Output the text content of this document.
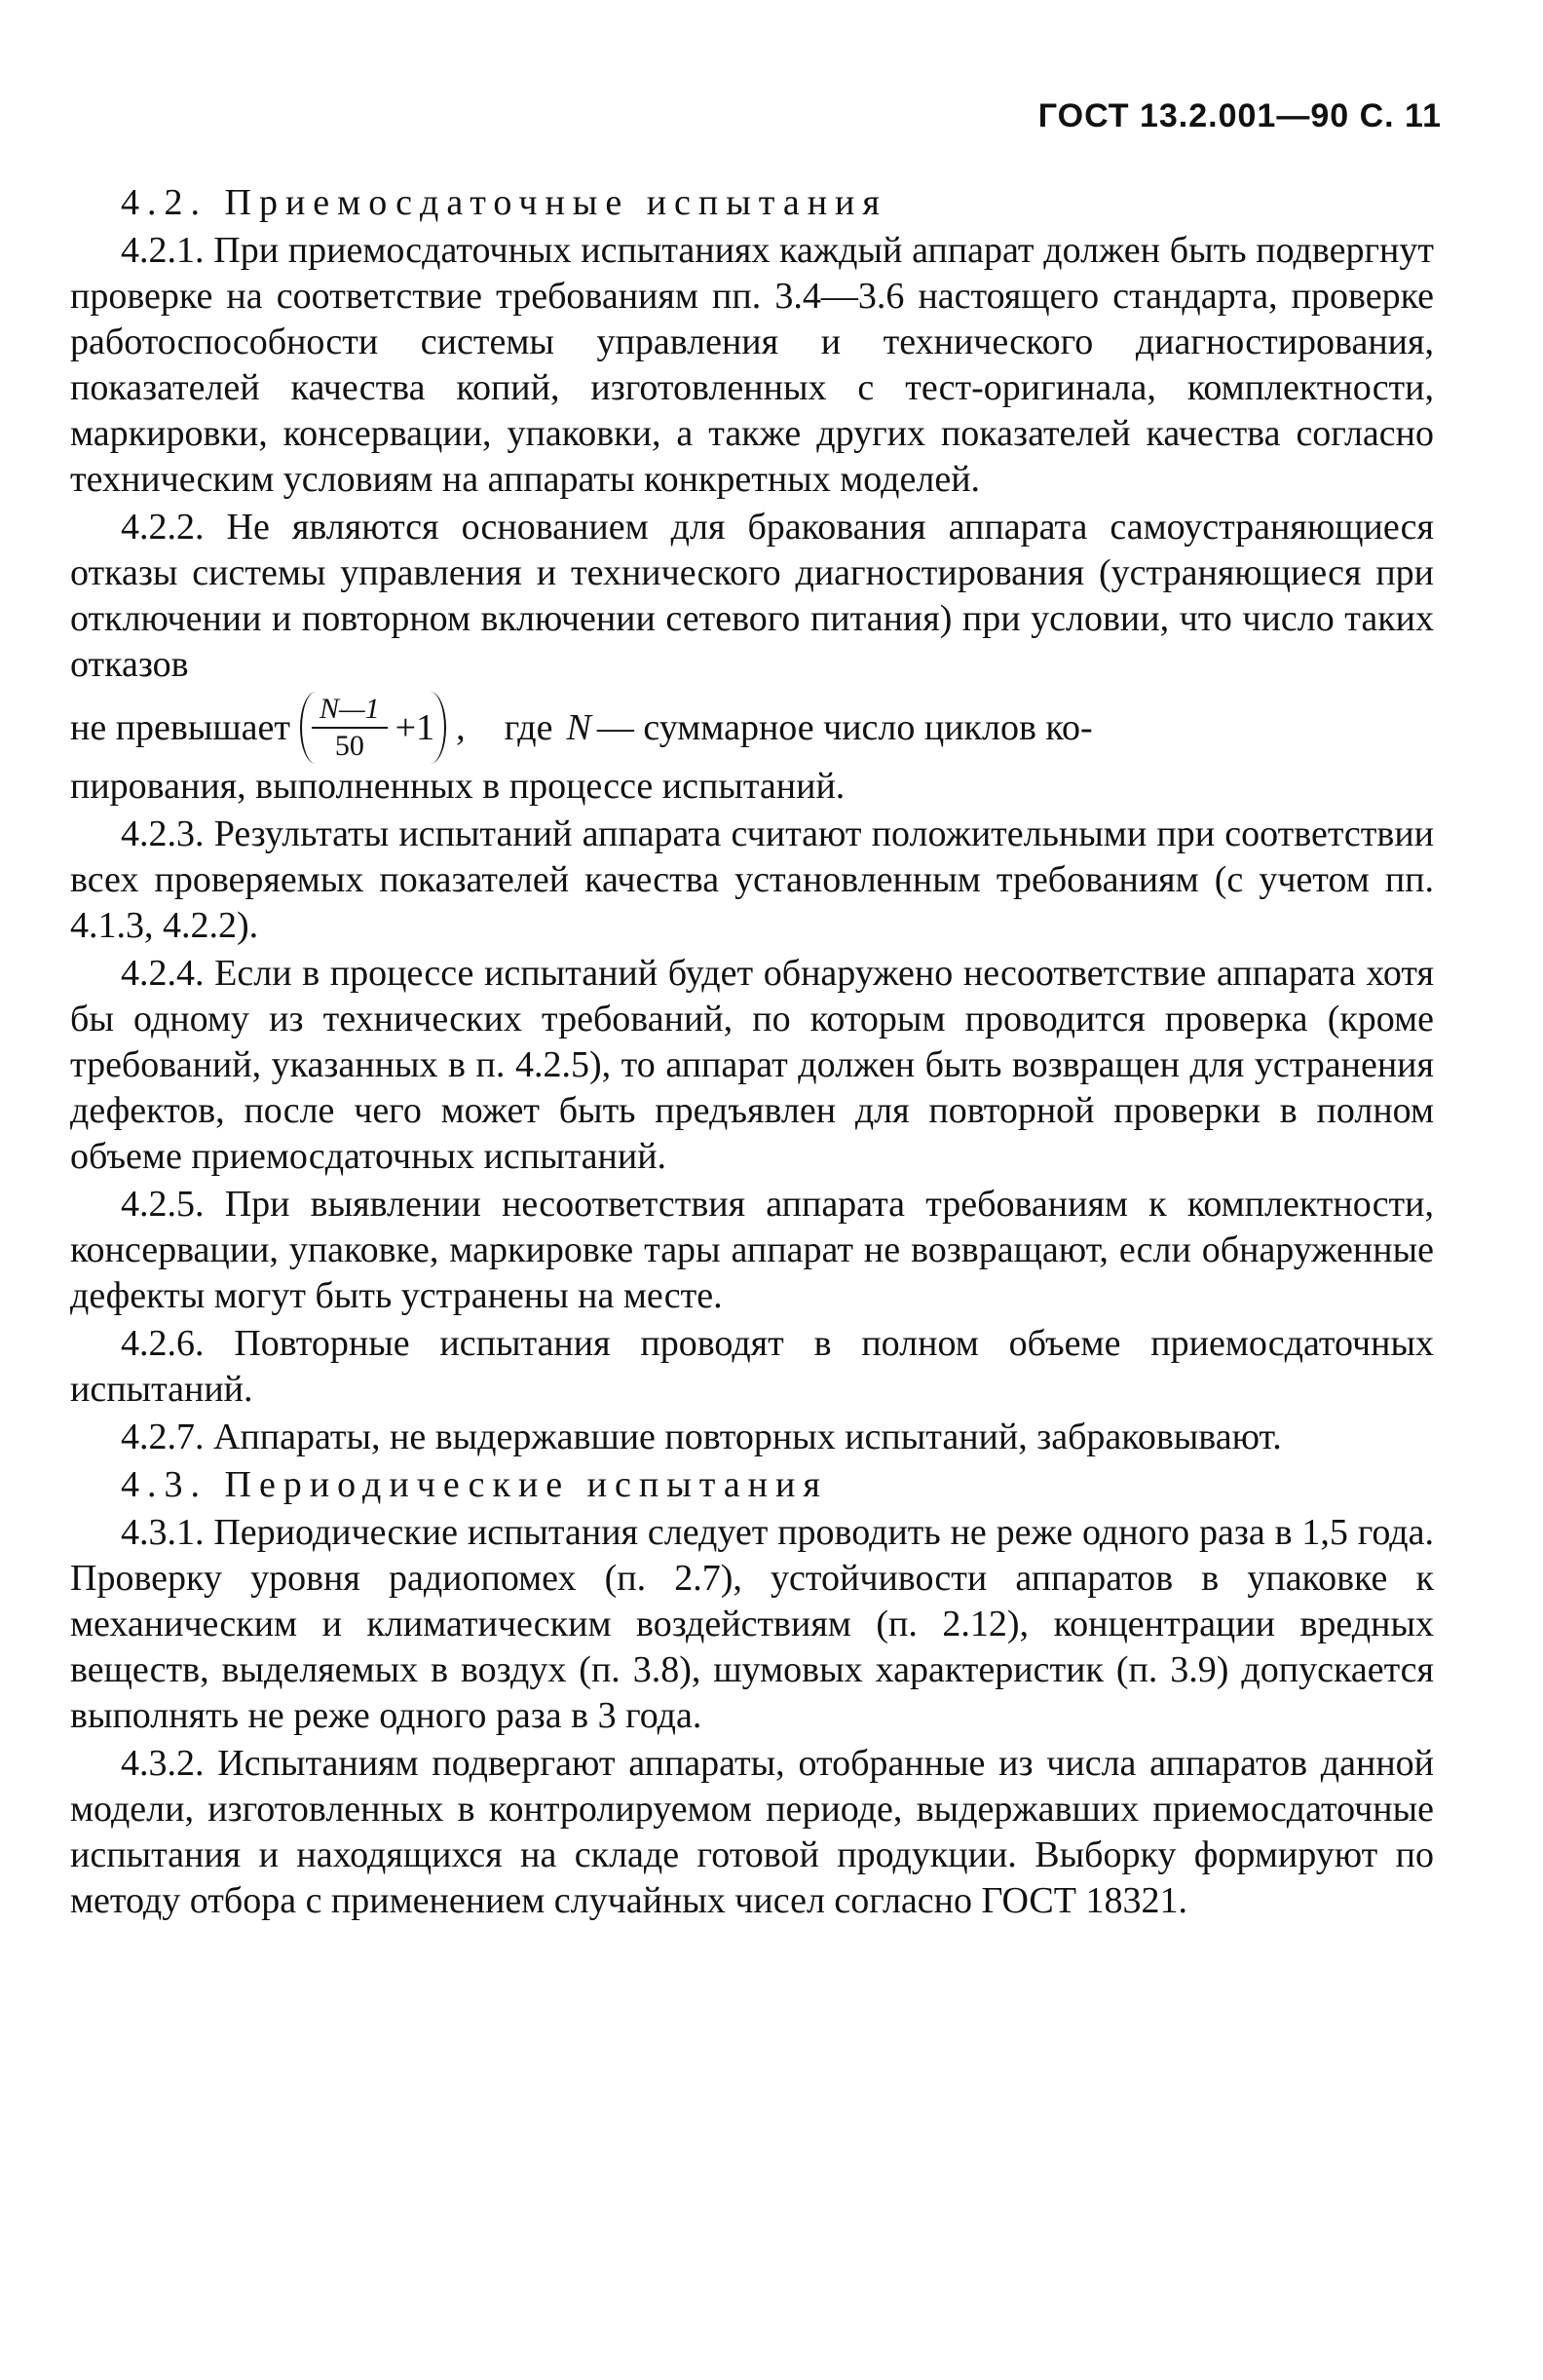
ГОСТ 13.2.001—90 С. 11

4.2. Приемосдаточные испытания

4.2.1. При приемосдаточных испытаниях каждый аппарат должен быть подвергнут проверке на соответствие требованиям пп. 3.4—3.6 настоящего стандарта, проверке работоспособности системы управления и технического диагностирования, показателей качества копий, изготовленных с тест-оригинала, комплектности, маркировки, консервации, упаковки, а также других показателей качества согласно техническим условиям на аппараты конкретных моделей.

4.2.2. Не являются основанием для бракования аппарата самоустраняющиеся отказы системы управления и технического диагностирования (устраняющиеся при отключении и повторном включении сетевого питания) при условии, что число таких отказов

не превышает $\frac{N—1}{50} +1$ , где N — суммарное число циклов ко-

пирования, выполненных в процессе испытаний.

4.2.3. Результаты испытаний аппарата считают положительными при соответствии всех проверяемых показателей качества установленным требованиям (с учетом пп. 4.1.3, 4.2.2).

4.2.4. Если в процессе испытаний будет обнаружено несоответствие аппарата хотя бы одному из технических требований, по которым проводится проверка (кроме требований, указанных в п. 4.2.5), то аппарат должен быть возвращен для устранения дефектов, после чего может быть предъявлен для повторной проверки в полном объеме приемосдаточных испытаний.

4.2.5. При выявлении несоответствия аппарата требованиям к комплектности, консервации, упаковке, маркировке тары аппарат не возвращают, если обнаруженные дефекты могут быть устранены на месте.

4.2.6. Повторные испытания проводят в полном объеме приемосдаточных испытаний.

4.2.7. Аппараты, не выдержавшие повторных испытаний, забраковывают.

4.3. Периодические испытания

4.3.1. Периодические испытания следует проводить не реже одного раза в 1,5 года. Проверку уровня радиопомех (п. 2.7), устойчивости аппаратов в упаковке к механическим и климатическим воздействиям (п. 2.12), концентрации вредных веществ, выделяемых в воздух (п. 3.8), шумовых характеристик (п. 3.9) допускается выполнять не реже одного раза в 3 года.

4.3.2. Испытаниям подвергают аппараты, отобранные из числа аппаратов данной модели, изготовленных в контролируемом периоде, выдержавших приемосдаточные испытания и находящихся на складе готовой продукции. Выборку формируют по методу отбора с применением случайных чисел согласно ГОСТ 18321.
